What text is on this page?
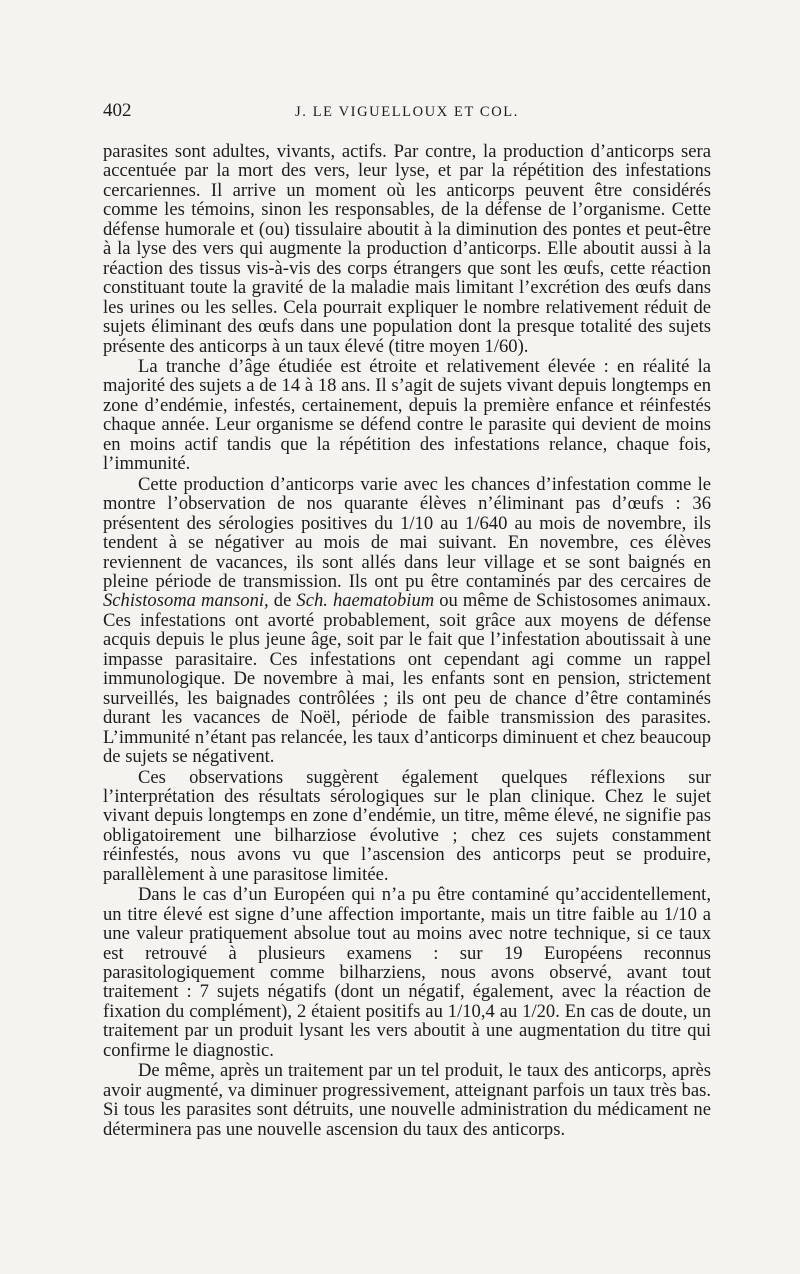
402	J. LE VIGUELLOUX ET COL.

parasites sont adultes, vivants, actifs. Par contre, la production d’anticorps sera accentuée par la mort des vers, leur lyse, et par la répétition des infestations cercariennes. Il arrive un moment où les anticorps peuvent être considérés comme les témoins, sinon les responsables, de la défense de l’organisme. Cette défense humorale et (ou) tissulaire aboutit à la diminution des pontes et peut-être à la lyse des vers qui augmente la production d’anticorps. Elle aboutit aussi à la réaction des tissus vis-à-vis des corps étrangers que sont les œufs, cette réaction constituant toute la gravité de la maladie mais limitant l’excrétion des œufs dans les urines ou les selles. Cela pourrait expliquer le nombre relativement réduit de sujets éliminant des œufs dans une population dont la presque totalité des sujets présente des anticorps à un taux élevé (titre moyen 1/60).

La tranche d’âge étudiée est étroite et relativement élevée : en réalité la majorité des sujets a de 14 à 18 ans. Il s’agit de sujets vivant depuis longtemps en zone d’endémie, infestés, certainement, depuis la première enfance et réinfestés chaque année. Leur organisme se défend contre le parasite qui devient de moins en moins actif tandis que la répétition des infestations relance, chaque fois, l’immunité.

Cette production d’anticorps varie avec les chances d’infestation comme le montre l’observation de nos quarante élèves n’éliminant pas d’œufs : 36 présentent des sérologies positives du 1/10 au 1/640 au mois de novembre, ils tendent à se négativer au mois de mai suivant. En novembre, ces élèves reviennent de vacances, ils sont allés dans leur village et se sont baignés en pleine période de transmission. Ils ont pu être contaminés par des cercaires de Schistosoma mansoni, de Sch. haematobium ou même de Schistosomes animaux. Ces infestations ont avorté probablement, soit grâce aux moyens de défense acquis depuis le plus jeune âge, soit par le fait que l’infestation aboutissait à une impasse parasitaire. Ces infestations ont cependant agi comme un rappel immunologique. De novembre à mai, les enfants sont en pension, strictement surveillés, les baignades contrôlées ; ils ont peu de chance d’être contaminés durant les vacances de Noël, période de faible transmission des parasites. L’immunité n’étant pas relancée, les taux d’anticorps diminuent et chez beaucoup de sujets se négativent.

Ces observations suggèrent également quelques réflexions sur l’interprétation des résultats sérologiques sur le plan clinique. Chez le sujet vivant depuis longtemps en zone d’endémie, un titre, même élevé, ne signifie pas obligatoirement une bilharziose évolutive ; chez ces sujets constamment réinfestés, nous avons vu que l’ascension des anticorps peut se produire, parallèlement à une parasitose limitée.

Dans le cas d’un Européen qui n’a pu être contaminé qu’accidentellement, un titre élevé est signe d’une affection importante, mais un titre faible au 1/10 a une valeur pratiquement absolue tout au moins avec notre technique, si ce taux est retrouvé à plusieurs examens : sur 19 Européens reconnus parasitologiquement comme bilharziens, nous avons observé, avant tout traitement : 7 sujets négatifs (dont un négatif, également, avec la réaction de fixation du complément), 2 étaient positifs au 1/10,4 au 1/20. En cas de doute, un traitement par un produit lysant les vers aboutit à une augmentation du titre qui confirme le diagnostic.

De même, après un traitement par un tel produit, le taux des anticorps, après avoir augmenté, va diminuer progressivement, atteignant parfois un taux très bas. Si tous les parasites sont détruits, une nouvelle administration du médicament ne déterminera pas une nouvelle ascension du taux des anticorps.
